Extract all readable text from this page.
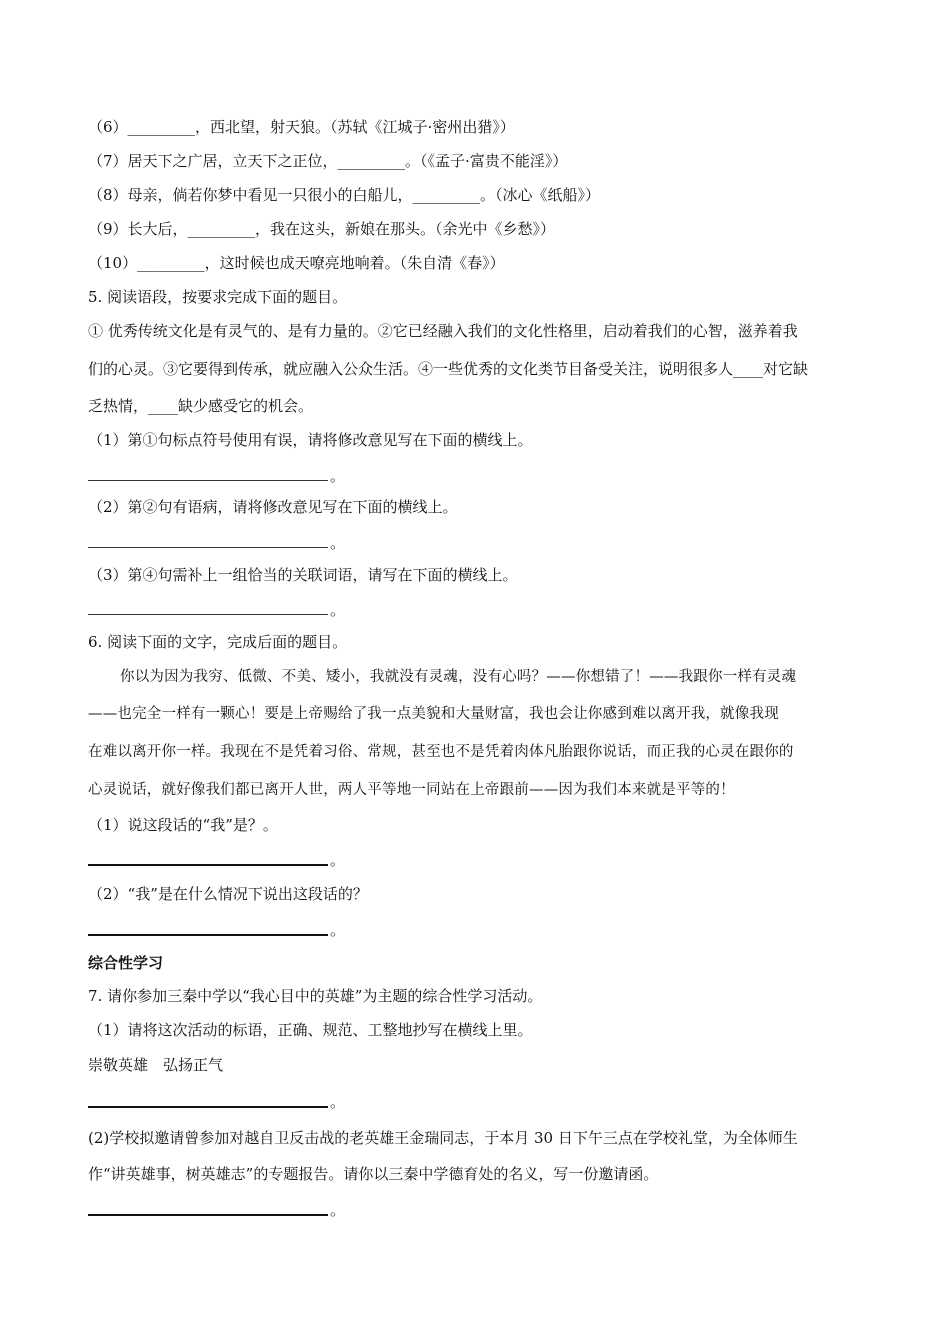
（6）_________，西北望，射天狼。（苏轼《江城子·密州出猎》）
（7）居天下之广居，立天下之正位，_________。（《孟子·富贵不能淫》）
（8）母亲，倘若你梦中看见一只很小的白船儿，_________。（冰心《纸船》）
（9）长大后，_________，我在这头，新娘在那头。（余光中《乡愁》）
（10）_________，这时候也成天嘹亮地响着。（朱自清《春》）
5. 阅读语段，按要求完成下面的题目。
① 优秀传统文化是有灵气的、是有力量的。②它已经融入我们的文化性格里，启动着我们的心智，滋养着我
们的心灵。③它要得到传承，就应融入公众生活。④一些优秀的文化类节目备受关注，说明很多人____对它缺
乏热情，____缺少感受它的机会。
（1）第①句标点符号使用有误，请将修改意见写在下面的横线上。
。
（2）第②句有语病，请将修改意见写在下面的横线上。
。
（3）第④句需补上一组恰当的关联词语，请写在下面的横线上。
。
6. 阅读下面的文字，完成后面的题目。
你以为因为我穷、低微、不美、矮小，我就没有灵魂，没有心吗？——你想错了！——我跟你一样有灵魂
——也完全一样有一颗心！要是上帝赐给了我一点美貌和大量财富，我也会让你感到难以离开我，就像我现
在难以离开你一样。我现在不是凭着习俗、常规，甚至也不是凭着肉体凡胎跟你说话，而正我的心灵在跟你的
心灵说话，就好像我们都已离开人世，两人平等地一同站在上帝跟前——因为我们本来就是平等的！
（1）说这段话的“我”是？。
。
（2）“我”是在什么情况下说出这段话的？
。
综合性学习
7. 请你参加三秦中学以“我心目中的英雄”为主题的综合性学习活动。
（1）请将这次活动的标语，正确、规范、工整地抄写在横线上里。
崇敬英雄　弘扬正气
。
(2)学校拟邀请曾参加对越自卫反击战的老英雄王金瑞同志，于本月 30 日下午三点在学校礼堂，为全体师生
作“讲英雄事，树英雄志”的专题报告。请你以三秦中学德育处的名义，写一份邀请函。
。
